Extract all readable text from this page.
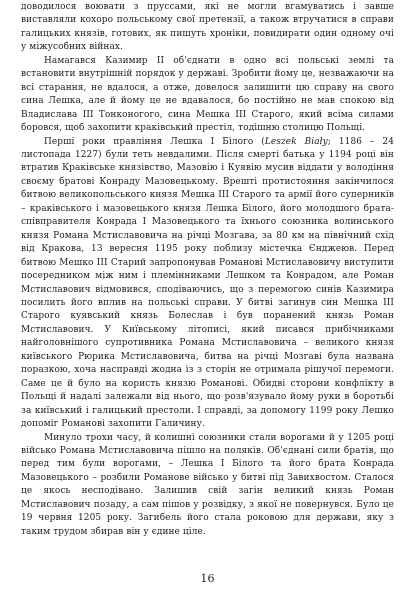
доводилося воювати з пруссами, які не могли вгамуватись і завше виставляли кохоро польському свої претензії, а також втручатися в справи галицьких князів, готових, як пишуть хроніки, повидирати один одному очі у міжусобних війнах.

Намагався Казимир II об'єднати в одно всі польські землі та встановити внутрішній порядок у державі. Зробити йому це, незважаючи на всі старання, не вдалося, а отже, довелося залишити цю справу на свого сина Лешка, але й йому це не вдавалося, бо постійно не мав спокою від Владислава III Тонконогого, сина Мешка III Старого, який всіма силами боровся, щоб захопити краківський престіл, тодішню столицю Польщі.

Перші роки правління Лешка I Білого (Leszek Biały; 1186 – 24 листопада 1227) були теть невдалими. Після смерті батька у 1194 році він втратив Краківське князівство, Мазовію і Куявію мусив віддати у володіння своєму братові Конраду Мазовецькому. Врешті протистояння закінчилося битвою великопольського князя Мешка III Старого та армії його суперників – краківського і мазовецького князя Лешка Білого, його молодшого брата-співправителя Конрада I Мазовецького та їхнього союзника волинського князя Романа Мстиславовича на річці Мозгава, за 80 км на північний схід від Кракова, 13 вересня 1195 року поблизу містечка Єнджеюв. Перед битвою Мешко III Старий запропонував Романові Мстиславовичу виступити посередником між ним і племінниками Лешком та Конрадом, але Роман Мстиславович відмовився, сподіваючись, що з перемогою синів Казимира посилить його вплив на польські справи. У битві загинув син Мешка III Старого куявський князь Болеслав і був поранений князь Роман Мстиславович. У Київському літописі, який писався прибічниками найголовнішого супротивника Романа Мстиславовича – великого князя київського Рюрика Мстиславовича, битва на річці Мозгаві була названа поразкою, хоча насправді жодна із з сторін не отримала рішучої перемоги. Саме це й було на користь князю Романові. Обидві сторони конфлікту в Польщі й надалі залежали від нього, що розв'язувало йому руки в боротьбі за київський і галицький престоли. І справді, за допомогу 1199 року Лешко допоміг Романові захопити Галичину.

Минуло трохи часу, й колишні союзники стали ворогами й у 1205 році військо Романа Мстиславовича пішло на поляків. Об'єднані сили братів, що перед тим були ворогами, – Лешка I Білого та його брата Конрада Мазовецького – розбили Романове військо у битві під Завихвостом. Сталося це якось несподівано. Залишив свій загін великий князь Роман Мстиславович позаду, а сам пішов у розвідку, з якої не повернувся. Було це 19 червня 1205 року. Загибель його стала роковою для держави, яку з таким трудом збирав він у єдине ціле.

16
